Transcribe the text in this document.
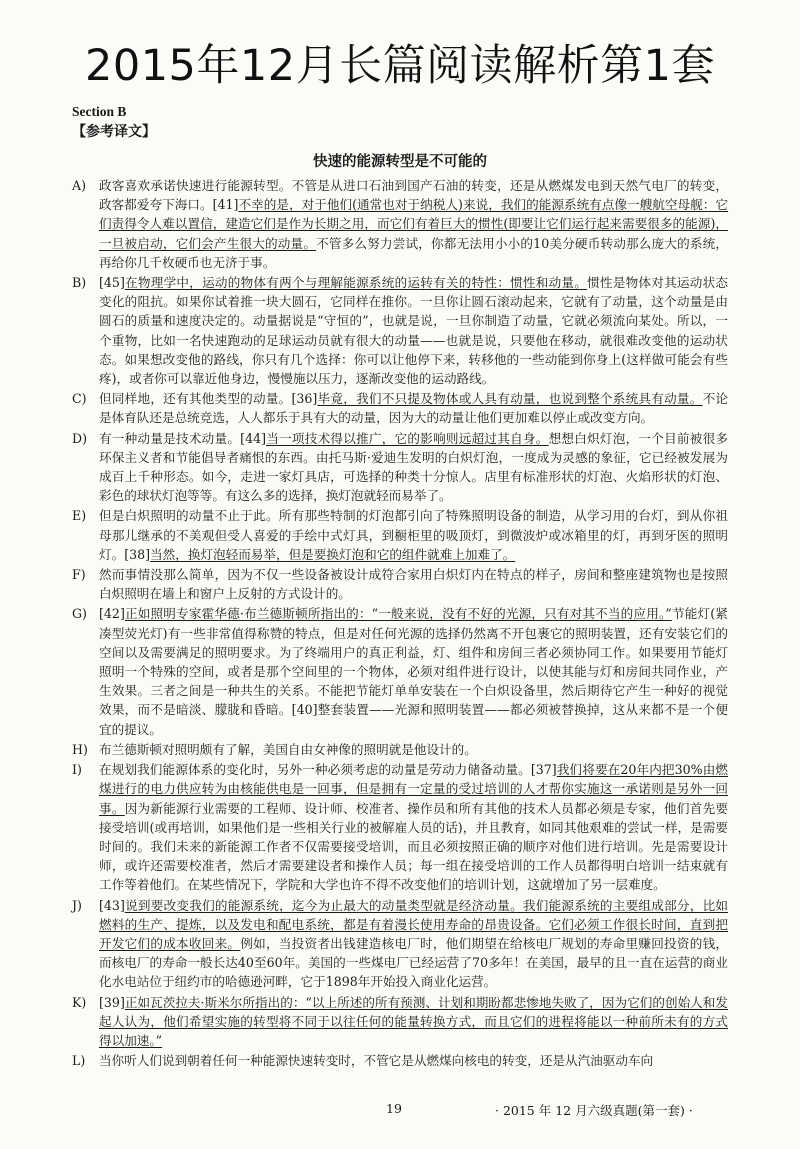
2015年12月长篇阅读解析第1套
Section B
【参考译文】
快速的能源转型是不可能的
A) 政客喜欢承诺快速进行能源转型。不管是从进口石油到国产石油的转变，还是从燃煤发电到天然气电厂的转变，政客都爱夸下海口。[41]不幸的是，对于他们(通常也对于纳税人)来说，我们的能源系统有点像一艘航空母舰：它们责得令人难以置信，建造它们是作为长期之用，而它们有着巨大的惯性(即要让它们运行起来需要很多的能源)，一旦被启动，它们会产生很大的动量。不管多么努力尝试，你都无法用小小的10美分硬币转动那么庞大的系统，再给你几千枚硬币也无济于事。
B) [45]在物理学中，运动的物体有两个与理解能源系统的运转有关的特性：惯性和动量。惯性是物体对其运动状态变化的阻抗。如果你试着推一块大圆石，它同样在推你。一旦你让圆石滚动起来，它就有了动量，这个动量是由圆石的质量和速度决定的。动量据说是“守恒的”，也就是说，一旦你制造了动量，它就必须流向某处。所以，一个重物，比如一名快速跑动的足球运动员就有很大的动量——也就是说，只要他在移动，就很难改变他的运动状态。如果想改变他的路线，你只有几个选择：你可以让他停下来，转移他的一些动能到你身上(这样做可能会有些疼)，或者你可以靠近他身边，慢慢施以压力，逐渐改变他的运动路线。
C) 但同样地，还有其他类型的动量。[36]毕竟，我们不只提及物体或人具有动量，也说到整个系统具有动量。不论是体育队还是总统竞选，人人都乐于具有大的动量，因为大的动量让他们更加难以停止或改变方向。
D) 有一种动量是技术动量。[44]当一项技术得以推广，它的影响则远超过其自身。想想白炽灯泡，一个目前被很多环保主义者和节能倡导者痛恨的东西。由托马斯·爱迪生发明的白炽灯泡，一度成为灵感的象征，它已经被发展为成百上千种形态。如今，走进一家灯具店，可选择的种类十分惊人。店里有标准形状的灯泡、火焰形状的灯泡、彩色的球状灯泡等等。有这么多的选择，换灯泡就轻而易举了。
E) 但是白炽照明的动量不止于此。所有那些特制的灯泡都引向了特殊照明设备的制造，从学习用的台灯，到从你祖母那儿继承的不美观但受人喜爱的手绘中式灯具，到橱柜里的吸顶灯，到微波炉或冰箱里的灯，再到牙医的照明灯。[38]当然，换灯泡轻而易举，但是要换灯泡和它的组件就难上加难了。
F) 然而事情没那么简单，因为不仅一些设备被设计成符合家用白炽灯内在特点的样子，房间和整座建筑物也是按照白炽照明在墙上和窗户上反射的方式设计的。
G) [42]正如照明专家霍华德·布兰德斯顿所指出的：“一般来说，没有不好的光源，只有对其不当的应用。”节能灯(紧凑型荧光灯)有一些非常值得称赞的特点，但是对任何光源的选择仍然离不开包裹它的照明装置，还有安装它们的空间以及需要满足的照明要求。为了终端用户的真正利益，灯、组件和房间三者必须协同工作。如果要用节能灯照明一个特殊的空间，或者是那个空间里的一个物体，必须对组件进行设计，以使其能与灯和房间共同作业，产生效果。三者之间是一种共生的关系。不能把节能灯单单安装在一个白炽设备里，然后期待它产生一种好的视觉效果，而不是暗淡、朦胧和昏暗。[40]整套装置——光源和照明装置——都必须被替换掉，这从来都不是一个便宜的提议。
H) 布兰德斯顿对照明颇有了解，美国自由女神像的照明就是他设计的。
I) 在规划我们能源体系的变化时，另外一种必须考虑的动量是劳动力储备动量。[37]我们将要在20年内把30%由燃煤进行的电力供应转为由核能供电是一回事，但是拥有一定量的受过培训的人才帮你实施这一承诺则是另外一回事。因为新能源行业需要的工程师、设计师、校准者、操作员和所有其他的技术人员都必须是专家，他们首先要接受培训(或再培训，如果他们是一些相关行业的被解雇人员的话)，并且教育，如同其他艰难的尝试一样，是需要时间的。我们未来的新能源工作者不仅需要接受培训，而且必须按照正确的顺序对他们进行培训。先是需要设计师，或许还需要校准者，然后才需要建设者和操作人员；每一组在接受培训的工作人员都得明白培训一结束就有工作等着他们。在某些情况下，学院和大学也许不得不改变他们的培训计划，这就增加了另一层难度。
J) [43]说到要改变我们的能源系统，迄今为止最大的动量类型就是经济动量。我们能源系统的主要组成部分，比如燃料的生产、提炼，以及发电和配电系统，都是有着漫长使用寿命的昂贵设备。它们必须工作很长时间，直到把开发它们的成本收回来。例如，当投资者出钱建造核电厂时，他们期望在给核电厂规划的寿命里赚回投资的钱，而核电厂的寿命一般长达40至60年。美国的一些煤电厂已经运营了70多年！在美国，最早的且一直在运营的商业化水电站位于纽约市的哈德逊河畔，它于1898年开始投入商业化运营。
K) [39]正如瓦茨拉夫·斯米尔所指出的：“以上所述的所有预测、计划和期盼都悲惨地失败了，因为它们的创始人和发起人认为，他们希望实施的转型将不同于以往任何的能量转换方式，而且它们的进程将能以一种前所未有的方式得以加速。”
L) 当你听人们说到朝着任何一种能源快速转变时，不管它是从燃煤向核电的转变，还是从汽油驱动车向
19	· 2015 年 12 月六级真题(第一套) ·
